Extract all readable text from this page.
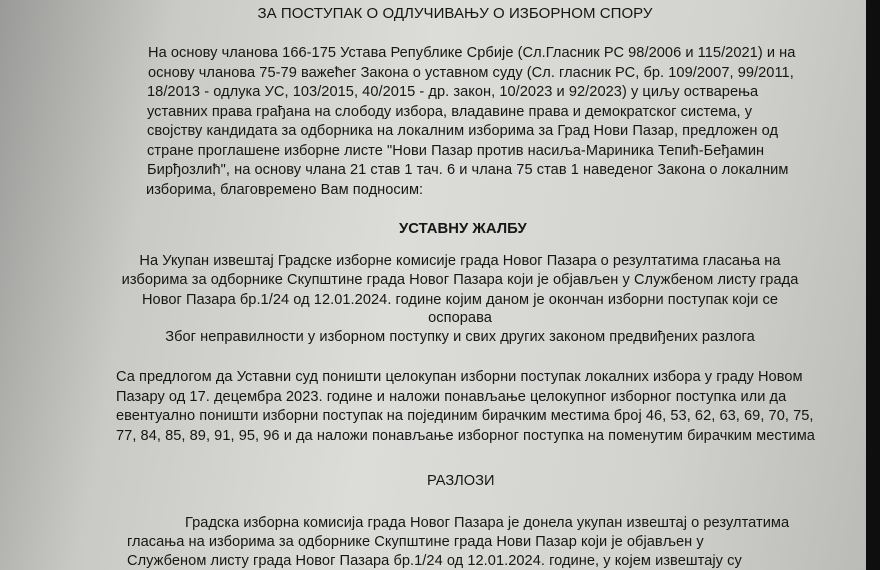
ЗА ПОСТУПАК О ОДЛУЧИВАЊУ О ИЗБОРНОМ СПОРУ
На основу чланова 166-175 Устава Републике Србије (Сл.Гласник РС 98/2006 и 115/2021) и на
основу чланова 75-79 важећег Закона о уставном суду (Сл. гласник РС, бр. 109/2007, 99/2011,
18/2013 - одлука УС, 103/2015, 40/2015 - др. закон, 10/2023 и 92/2023) у циљу остварења
уставних права грађана на слободу избора, владавине права и демократског система, у
својству кандидата за одборника на локалним изборима за Град Нови Пазар, предложен од
стране проглашене изборне листе "Нови Пазар против насиља-Мариника Тепић-Беђамин
Бирђозлић", на основу члана 21 став 1 тач. 6 и члана 75 став 1 наведеног Закона о локалним
изборима, благовремено Вам подносим:
УСТАВНУ ЖАЛБУ
На Укупан извештај Градске изборне комисије града Новог Пазара о резултатима гласања на
изборима за одборнике Скупштине града Новог Пазара који је објављен у Службеном листу града
Новог Пазара бр.1/24 од 12.01.2024. године којим даном је окончан изборни поступак који се
оспорава
Због неправилности у изборном поступку и свих других законом предвиђених разлога
Са предлогом да Уставни суд поништи целокупан изборни поступак локалних избора у граду Новом
Пазару од 17. децембра 2023. године и наложи понављање целокупног изборног поступка или да
евентуално поништи изборни поступак на појединим бирачким местима број 46, 53, 62, 63, 69, 70, 75,
77, 84, 85, 89, 91, 95, 96 и да наложи понављање изборног поступка на поменутим бирачким местима
РАЗЛОЗИ
Градска изборна комисија града Новог Пазара је донела укупан извештај о резултатима
гласања на изборима за одборнике Скупштине града Нови Пазар који је објављен у
Службеном листу града Новог Пазара бр.1/24 од 12.01.2024. године, у којем извештају су
